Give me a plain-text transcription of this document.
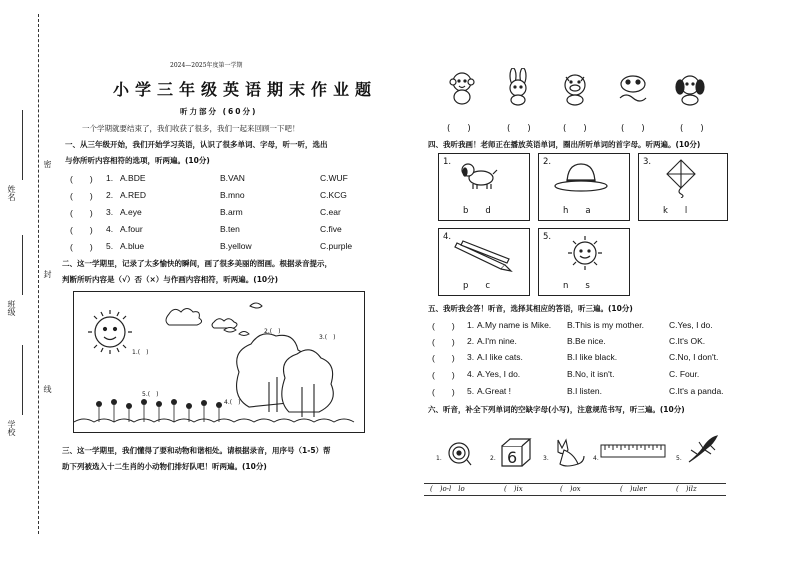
密
封
线
姓名
班级
学校
2024—2025年度第一学期
小学三年级英语期末作业题
听力部分 (60分)
一个学期就要结束了，我们收获了很多，我们一起来回顾一下吧！
一、从三年级开始，我们开始学习英语，认识了很多单词、字母，听一听，选出
与你所听内容相符的选项，听两遍。(10分)
(　　) 1. A.BDE	B.VAN	C.WUF
(　　) 2. A.RED	B.mno	C.KCG
(　　) 3. A.eye	B.arm	C.ear
(　　) 4. A.four	B.ten	C.five
(　　) 5. A.blue	B.yellow	C.purple
二、这一学期里，记录了太多愉快的瞬间，画了很多美丽的图画。根据录音提示，
判断所听内容是（√）否（×）与作画内容相符，听两遍。(10分)
1.(　)
2.(　)
3.(　)
4.(　)
5.(　)
三、这一学期里，我们懂得了要和动物和谐相处。请根据录音，用序号（1-5）帮
助下列被选入十二生肖的小动物们排好队吧！听两遍。(10分)
(　　)	(　　)	(　　)	(　　)	(　　)
四、我听我画！老师正在播放英语单词，圈出所听单词的首字母。听两遍。(10分)
1.
b　　d
2.
h　　a
3.
k　　l
4.
p　　c
5.
n　　s
五、我听我会答！听音，选择其相应的答语，听三遍。(10分)
(　　) 1. A.My name is Mike. B.This is my mother.	C.Yes, I do.
(　　) 2. A.I'm nine.	B.Be nice.	C.It's OK.
(　　) 3. A.I like cats.	B.I like black.	C.No, I don't.
(　　) 4. A.Yes, I do.	B.No, it isn't.	C. Four.
(　　) 5. A.Great !	B.I listen.	C.It's a panda.
六、听音，补全下列单词的空缺字母(小写)，注意规范书写，听三遍。(10分)
1.	2. 6	3.	4.	5.
(　)o-l　lo	(　)ix	(　)ox	(　)uler	(　)ilz
